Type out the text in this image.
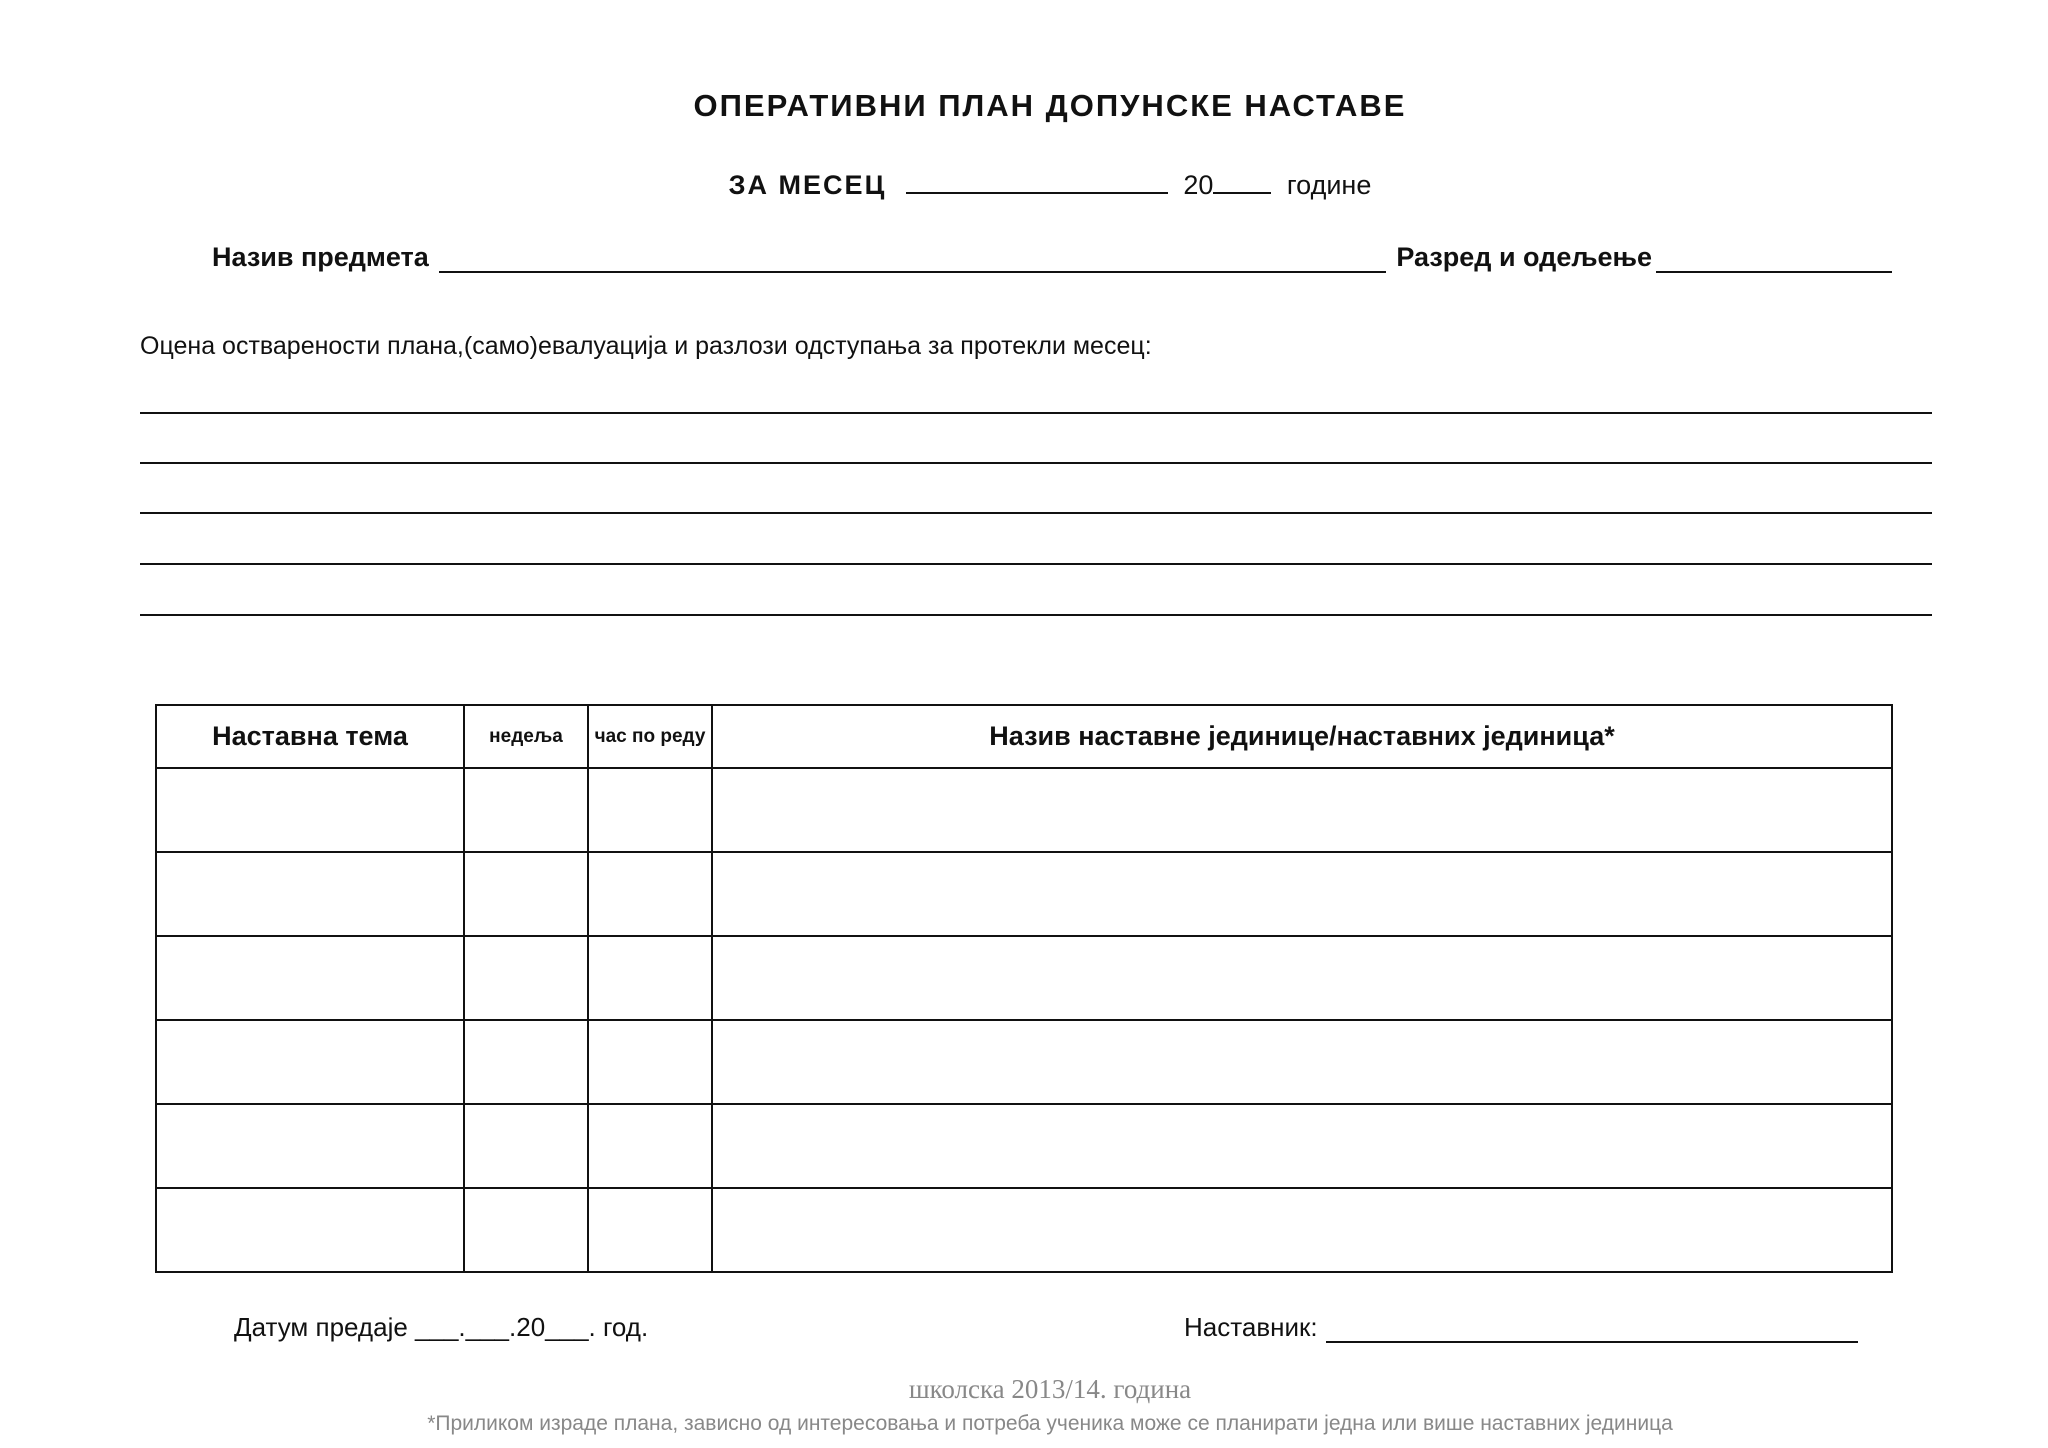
ОПЕРАТИВНИ ПЛАН ДОПУНСКЕ НАСТАВЕ
ЗА МЕСЕЦ	20	године
Назив предмета	Разред и одељење
Оцена остварености плана,(само)евалуација и разлози одступања за протекли месец:
Наставна тема	недеља	час по реду	Назив наставне јединице/наставних јединица*

Датум предаје ___.___.20___. год.	Наставник:
школска 2013/14. година
*Приликом израде плана, зависно од интересовања и потреба ученика може се планирати једна или више наставних јединица
